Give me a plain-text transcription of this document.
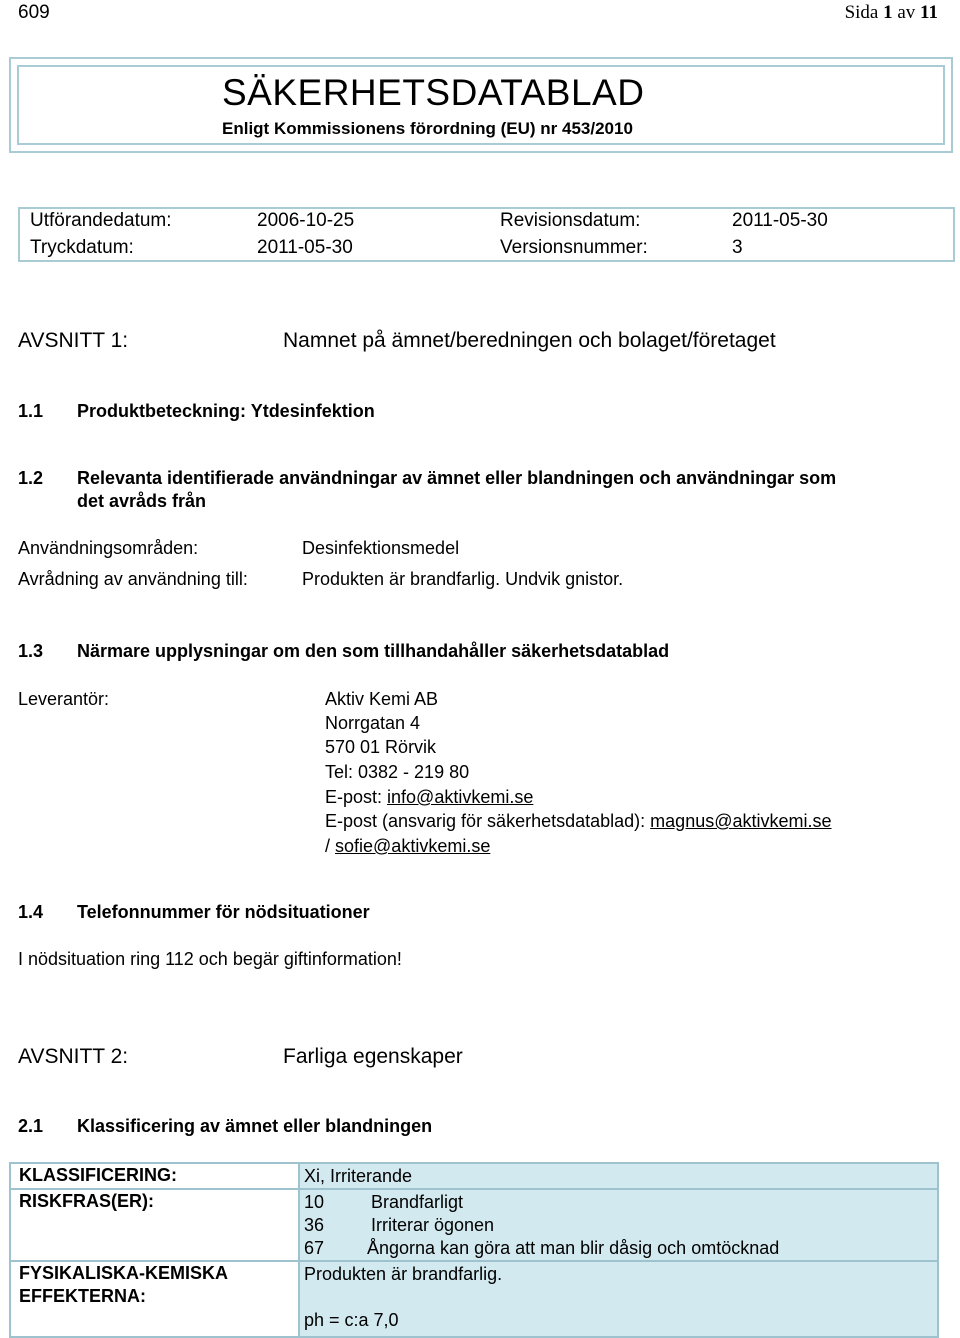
609	Sida 1 av 11
SÄKERHETSDATABLAD
Enligt Kommissionens förordning (EU) nr 453/2010
Utförandedatum:	2006-10-25	Revisionsdatum:	2011-05-30
Tryckdatum:	2011-05-30	Versionsnummer:	3
AVSNITT 1:	Namnet på ämnet/beredningen och bolaget/företaget
1.1 Produktbeteckning: Ytdesinfektion
1.2 Relevanta identifierade användningar av ämnet eller blandningen och användningar som
det avråds från
Användningsområden:	Desinfektionsmedel
Avrådning av användning till:	Produkten är brandfarlig. Undvik gnistor.
1.3 Närmare upplysningar om den som tillhandahåller säkerhetsdatablad
Leverantör:	Aktiv Kemi AB
Norrgatan 4
570 01 Rörvik
Tel: 0382 - 219 80
E-post: info@aktivkemi.se
E-post (ansvarig för säkerhetsdatablad): magnus@aktivkemi.se
/ sofie@aktivkemi.se
1.4 Telefonnummer för nödsituationer
I nödsituation ring 112 och begär giftinformation!
AVSNITT 2:	Farliga egenskaper
2.1 Klassificering av ämnet eller blandningen
KLASSIFICERING:	Xi, Irriterande
RISKFRAS(ER):	10	Brandfarligt
36	Irriterar ögonen
67 Ångorna kan göra att man blir dåsig och omtöcknad
FYSIKALISKA-KEMISKA
EFFEKTERNA:
Produkten är brandfarlig.
ph = c:a 7,0
